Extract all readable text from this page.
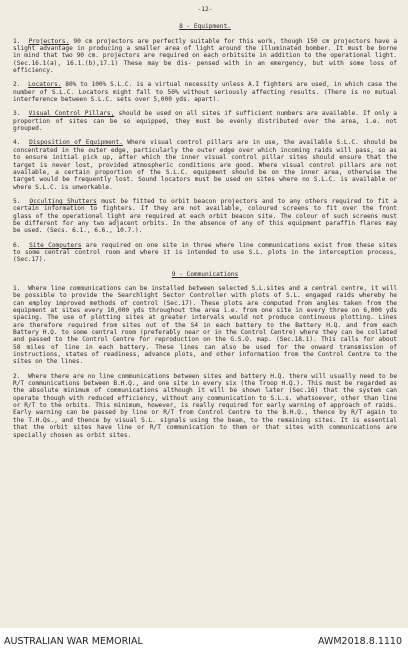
-12-
8 - Equipment.
1. Projectors. 90 cm projectors are perfectly suitable for this work, though 150 cm projectors have a slight advantage in producing a smaller area of light around the illuminated bomber. It must be borne in mind that two 90 cm. projectors are required on each orbitsite in addition to the operational light. (Sec.16.1(a), 16.1.(b),17.1) These may be dis- pensed with in an emergency, but with some loss of efficiency.
2. Locators. 80% to 100% S.L.C. is a virtual necessity unless A.I fighters are used, in which case the number of S.L.C. Locators might fall to 50% without seriously affecting results. (There is no mutual interference between S.L.C. sets over 5,000 yds. apart).
3. Visual Control Pillars, should be used on all sites if sufficient numbers are available. If only a proportion of sites can be so equipped, they must be evenly distributed over the area, i.e. not grouped.
4. Disposition of Equipment. Where visual control pillars are in use, the available S.L.C. should be concentrated in the outer edge, particularly the outer edge over which incoming raids will pass, so as to ensure initial pick up, after which the inner visual control pillar sites should ensure that the target is never lost, provided atmospheric conditions are good. Where visual control pillars are not available, a certain proportion of the S.L.C. equipment should be on the inner area, otherwise the target would be frequently lost. Sound locators must be used on sites where no S.L.C. is available or where S.L.C. is unworkable.
5. Occulting Shutters must be fitted to orbit beacon projectors and to any others required to fit a certain information to fighters. If they are not available, coloured screens to fit over the front glass of the operational light are required at each orbit beacon site. The colour of such screens must be different for any two adjacent orbits. In the absence of any of this equipment paraffin flares may be used. (Secs. 6.1., 6.6., 10.7.).
6. Site Computers are required on one site in three where line communications exist from these sites to some central control room and where it is intended to use S.L. plots in the interception process, (Sec.17).
9 - Communications
1. Where line communications can be installed between selected S.L.sites and a central centre, it will be possible to provide the Searchlight Sector Controller with plots of S.L. engaged raids whereby he can employ improved methods of control (Sec.17). These plots are computed from angles taken from the equipment at sites every 10,000 yds throughout the area i.e. from one site in every three on 6,000 yds spacing. The use of plotting sites at greater intervals would not produce continuous plotting. Lines are therefore required from sites out of the S4 in each battery to the Battery H.Q. and from each Battery H.Q. to some central room (preferably near or in the Control Centre) where they can be collated and passed to the Control Centre for reproduction on the G.S.O. map. (Sec.18.1). This calls for about 58 miles of line in each battery. These lines can also be used for the onward transmission of instructions, states of readiness, advance plots, and other information from the Control Centre to the sites on the lines.
2. Where there are no line communications between sites and battery H.Q. there will usually need to be R/T communications between B.H.Q., and one site in every six (the Troop H.Q.). This must be regarded as the absolute minimum of communications although it will be shown later (Sec.16) that the system can operate though with reduced efficiency, without any communication to S.L.s. whatsoever, other than line or R/T to the orbits. This minimum, however, is really required for early warning of approach of raids. Early warning can be passed by line or R/T from Control Centre to the B.H.Q., thence by R/T again to the T.H.Qs., and thence by visual S.L. signals using the beam, to the remaining sites. It is essential that the orbit sites have line or R/T communication to them or that sites with communications are specially chosen as orbit sites.
AUSTRALIAN WAR MEMORIAL	AWM2018.8.1110
